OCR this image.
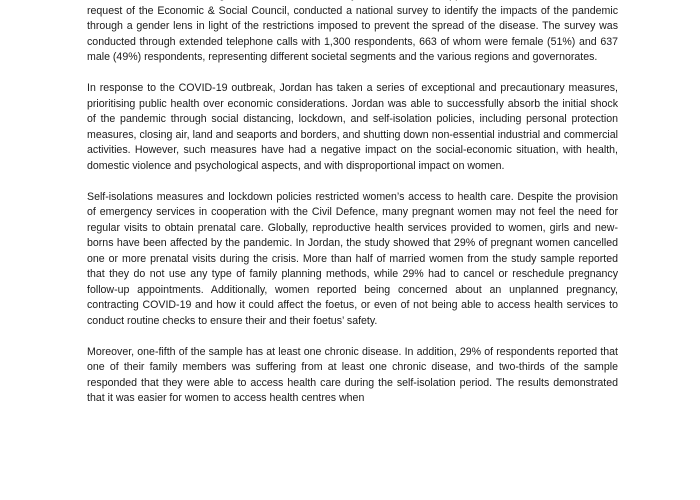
request of the Economic & Social Council, conducted a national survey to identify the impacts of the pandemic through a gender lens in light of the restrictions imposed to prevent the spread of the disease. The survey was conducted through extended telephone calls with 1,300 respondents, 663 of whom were female (51%) and 637 male (49%) respondents, representing different societal segments and the various regions and governorates.

In response to the COVID-19 outbreak, Jordan has taken a series of exceptional and precautionary measures, prioritising public health over economic considerations. Jordan was able to successfully absorb the initial shock of the pandemic through social distancing, lockdown, and self-isolation policies, including personal protection measures, closing air, land and seaports and borders, and shutting down non-essential industrial and commercial activities. However, such measures have had a negative impact on the social-economic situation, with health, domestic violence and psychological aspects, and with disproportional impact on women.

Self-isolations measures and lockdown policies restricted women’s access to health care. Despite the provision of emergency services in cooperation with the Civil Defence, many pregnant women may not feel the need for regular visits to obtain prenatal care. Globally, reproductive health services provided to women, girls and new-borns have been affected by the pandemic. In Jordan, the study showed that 29% of pregnant women cancelled one or more prenatal visits during the crisis. More than half of married women from the study sample reported that they do not use any type of family planning methods, while 29% had to cancel or reschedule pregnancy follow-up appointments. Additionally, women reported being concerned about an unplanned pregnancy, contracting COVID-19 and how it could affect the foetus, or even of not being able to access health services to conduct routine checks to ensure their and their foetus’ safety.

Moreover, one-fifth of the sample has at least one chronic disease. In addition, 29% of respondents reported that one of their family members was suffering from at least one chronic disease, and two-thirds of the sample responded that they were able to access health care during the self-isolation period. The results demonstrated that it was easier for women to access health centres when
